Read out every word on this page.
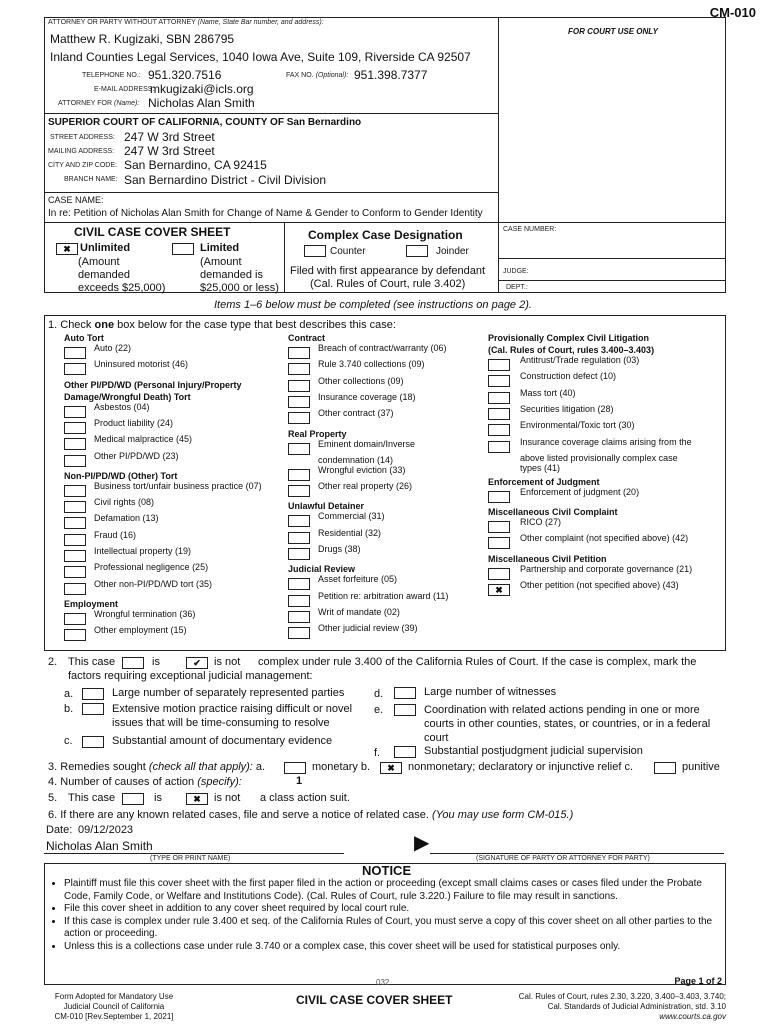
CM-010
FOR COURT USE ONLY
ATTORNEY OR PARTY WITHOUT ATTORNEY (Name, State Bar number, and address):
Matthew R. Kugizaki, SBN 286795
Inland Counties Legal Services, 1040 Iowa Ave, Suite 109, Riverside CA 92507
TELEPHONE NO.: 951.320.7516	FAX NO. (Optional): 951.398.7377
E-MAIL ADDRESS:
mkugizaki@icls.org
ATTORNEY FOR (Name): Nicholas Alan Smith
SUPERIOR COURT OF CALIFORNIA, COUNTY OF San Bernardino
STREET ADDRESS: 247 W 3rd Street
MAILING ADDRESS: 247 W 3rd Street
CITY AND ZIP CODE: San Bernardino, CA 92415
BRANCH NAME: San Bernardino District - Civil Division
CASE NAME:
In re: Petition of Nicholas Alan Smith for Change of Name & Gender to Conform to Gender Identity
CASE NUMBER:
JUDGE:
DEPT.:
CIVIL CASE COVER SHEET
✖ Unlimited
(Amount
demanded
exceeds $25,000)
Limited
(Amount
demanded is
$25,000 or less)
Complex Case Designation
Counter	Joinder
Filed with first appearance by defendant
(Cal. Rules of Court, rule 3.402)
Items 1–6 below must be completed (see instructions on page 2).
1. Check one box below for the case type that best describes this case:
Auto Tort
Auto (22)
Uninsured motorist (46)
Other PI/PD/WD (Personal Injury/Property
Damage/Wrongful Death) Tort
Asbestos (04)
Product liability (24)
Medical malpractice (45)
Other PI/PD/WD (23)
Non-PI/PD/WD (Other) Tort
Business tort/unfair business practice (07)
Civil rights (08)
Defamation (13)
Fraud (16)
Intellectual property (19)
Professional negligence (25)
Other non-PI/PD/WD tort (35)
Employment
Wrongful termination (36)
Other employment (15)
Contract
Breach of contract/warranty (06)
Rule 3.740 collections (09)
Other collections (09)
Insurance coverage (18)
Other contract (37)
Real Property
Eminent domain/Inverse
condemnation (14)
Wrongful eviction (33)
Other real property (26)
Unlawful Detainer
Commercial (31)
Residential (32)
Drugs (38)
Judicial Review
Asset forfeiture (05)
Petition re: arbitration award (11)
Writ of mandate (02)
Other judicial review (39)
Provisionally Complex Civil Litigation
(Cal. Rules of Court, rules 3.400–3.403)
Antitrust/Trade regulation (03)
Construction defect (10)
Mass tort (40)
Securities litigation (28)
Environmental/Toxic tort (30)
Insurance coverage claims arising from the
above listed provisionally complex case
types (41)
Enforcement of Judgment
Enforcement of judgment (20)
Miscellaneous Civil Complaint
RICO (27)
Other complaint (not specified above) (42)
Miscellaneous Civil Petition
Partnership and corporate governance (21)
✖	Other petition (not specified above) (43)
2. This case	is	✔	is not complex under rule 3.400 of the California Rules of Court. If the case is complex, mark the
factors requiring exceptional judicial management:
a.	Large number of separately represented parties
b.	Extensive motion practice raising difficult or novel
issues that will be time-consuming to resolve
c.	Substantial amount of documentary evidence
d.	Large number of witnesses
e.	Coordination with related actions pending in one or more
courts in other counties, states, or countries, or in a federal
court
f.	Substantial postjudgment judicial supervision
3. Remedies sought (check all that apply): a.	monetary b.	✖	nonmonetary; declaratory or injunctive relief c.	punitive
4. Number of causes of action (specify):	1
5. This case	is	✖	is not a class action suit.
6. If there are any known related cases, file and serve a notice of related case. (You may use form CM-015.)
Date: 09/12/2023
Nicholas Alan Smith
(TYPE OR PRINT NAME)
▶
(SIGNATURE OF PARTY OR ATTORNEY FOR PARTY)
NOTICE
• Plaintiff must file this cover sheet with the first paper filed in the action or proceeding (except small claims cases or cases filed under the Probate Code, Family Code, or Welfare and Institutions Code). (Cal. Rules of Court, rule 3.220.) Failure to file may result in sanctions.
• File this cover sheet in addition to any cover sheet required by local court rule.
• If this case is complex under rule 3.400 et seq. of the California Rules of Court, you must serve a copy of this cover sheet on all other parties to the action or proceeding.
• Unless this is a collections case under rule 3.740 or a complex case, this cover sheet will be used for statistical purposes only.
Page 1 of 2
032
Form Adopted for Mandatory Use
Judicial Council of California
CM-010 [Rev.September 1, 2021]
CIVIL CASE COVER SHEET	Cal. Rules of Court, rules 2.30, 3.220, 3.400–3.403, 3.740;
Cal. Standards of Judicial Administration, std. 3.10
www.courts.ca.gov
